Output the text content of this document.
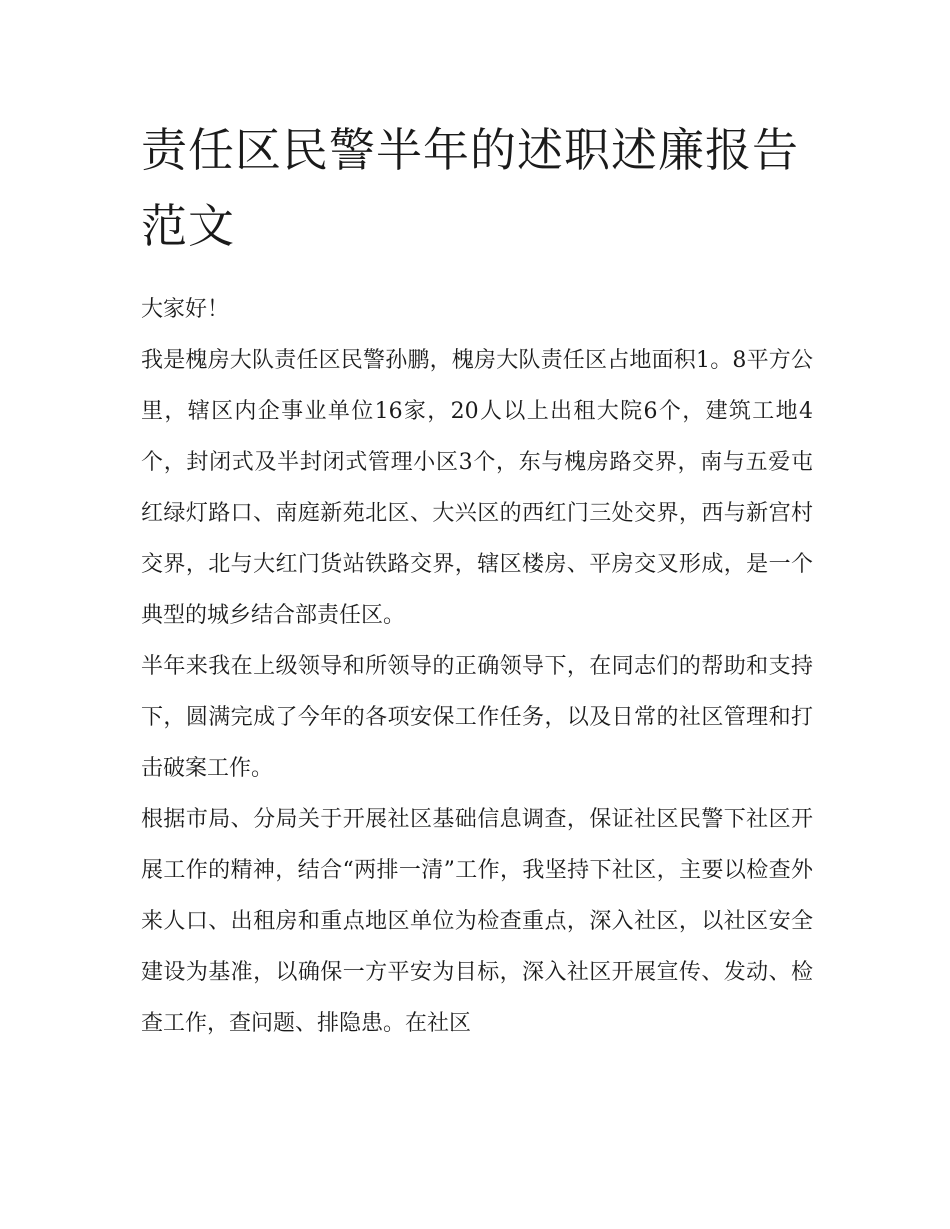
责任区民警半年的述职述廉报告范文

大家好！

我是槐房大队责任区民警孙鹏，槐房大队责任区占地面积1。8平方公里，辖区内企事业单位16家，20人以上出租大院6个，建筑工地4个，封闭式及半封闭式管理小区3个，东与槐房路交界，南与五爱屯红绿灯路口、南庭新苑北区、大兴区的西红门三处交界，西与新宫村交界，北与大红门货站铁路交界，辖区楼房、平房交叉形成，是一个典型的城乡结合部责任区。

半年来我在上级领导和所领导的正确领导下，在同志们的帮助和支持下，圆满完成了今年的各项安保工作任务，以及日常的社区管理和打击破案工作。

根据市局、分局关于开展社区基础信息调查，保证社区民警下社区开展工作的精神，结合“两排一清”工作，我坚持下社区，主要以检查外来人口、出租房和重点地区单位为检查重点，深入社区，以社区安全建设为基准，以确保一方平安为目标，深入社区开展宣传、发动、检查工作，查问题、排隐患。在社区
